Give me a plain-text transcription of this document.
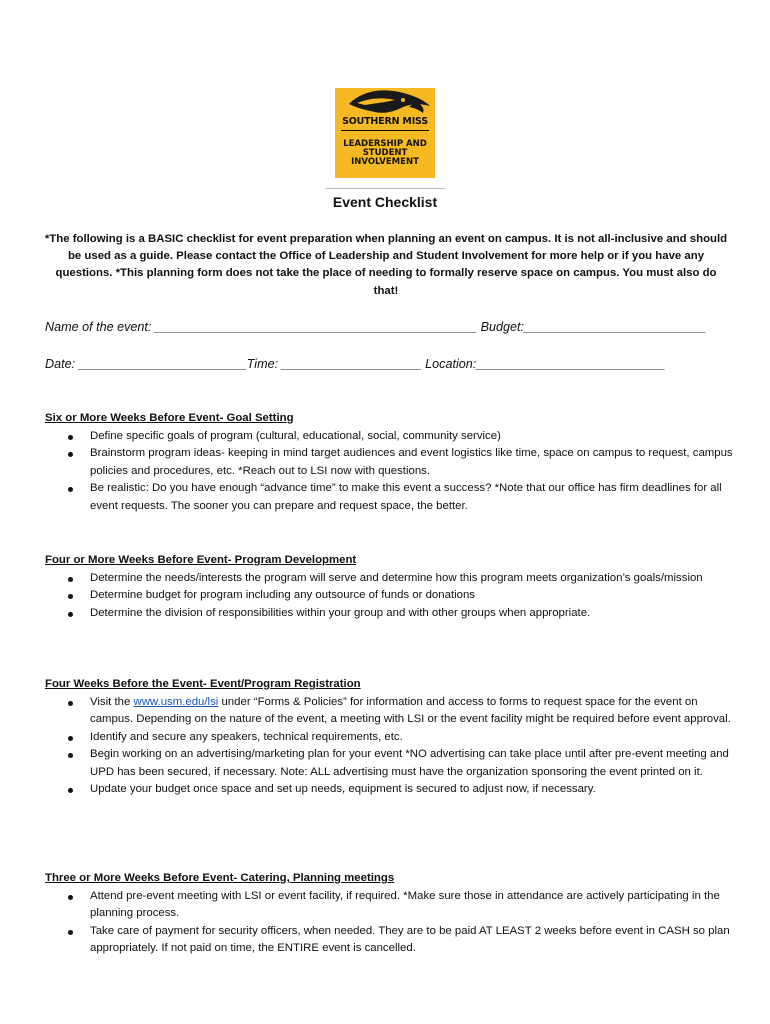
SOUTHERN MISS
LEADERSHIP AND
STUDENT
INVOLVEMENT
Event Checklist
*The following is a BASIC checklist for event preparation when planning an event on campus. It is not all-inclusive and should be used as a guide. Please contact the Office of Leadership and Student Involvement for more help or if you have any questions. *This planning form does not take the place of needing to formally reserve space on campus. You must also do that!
Name of the event: ______________________________________________ Budget:__________________________
Date: ________________________Time: ____________________ Location:___________________________
Six or More Weeks Before Event- Goal Setting
Define specific goals of program (cultural, educational, social, community service)
Brainstorm program ideas- keeping in mind target audiences and event logistics like time, space on campus to request, campus policies and procedures, etc. *Reach out to LSI now with questions.
Be realistic: Do you have enough “advance time” to make this event a success? *Note that our office has firm deadlines for all event requests. The sooner you can prepare and request space, the better.
Four or More Weeks Before Event- Program Development
Determine the needs/interests the program will serve and determine how this program meets organization’s goals/mission
Determine budget for program including any outsource of funds or donations
Determine the division of responsibilities within your group and with other groups when appropriate.
Four Weeks Before the Event- Event/Program Registration
Visit the www.usm.edu/lsi under “Forms & Policies” for information and access to forms to request space for the event on campus. Depending on the nature of the event, a meeting with LSI or the event facility might be required before event approval.
Identify and secure any speakers, technical requirements, etc.
Begin working on an advertising/marketing plan for your event *NO advertising can take place until after pre-event meeting and UPD has been secured, if necessary. Note: ALL advertising must have the organization sponsoring the event printed on it.
Update your budget once space and set up needs, equipment is secured to adjust now, if necessary.
Three or More Weeks Before Event- Catering, Planning meetings
Attend pre-event meeting with LSI or event facility, if required. *Make sure those in attendance are actively participating in the planning process.
Take care of payment for security officers, when needed. They are to be paid AT LEAST 2 weeks before event in CASH so plan appropriately. If not paid on time, the ENTIRE event is cancelled.
